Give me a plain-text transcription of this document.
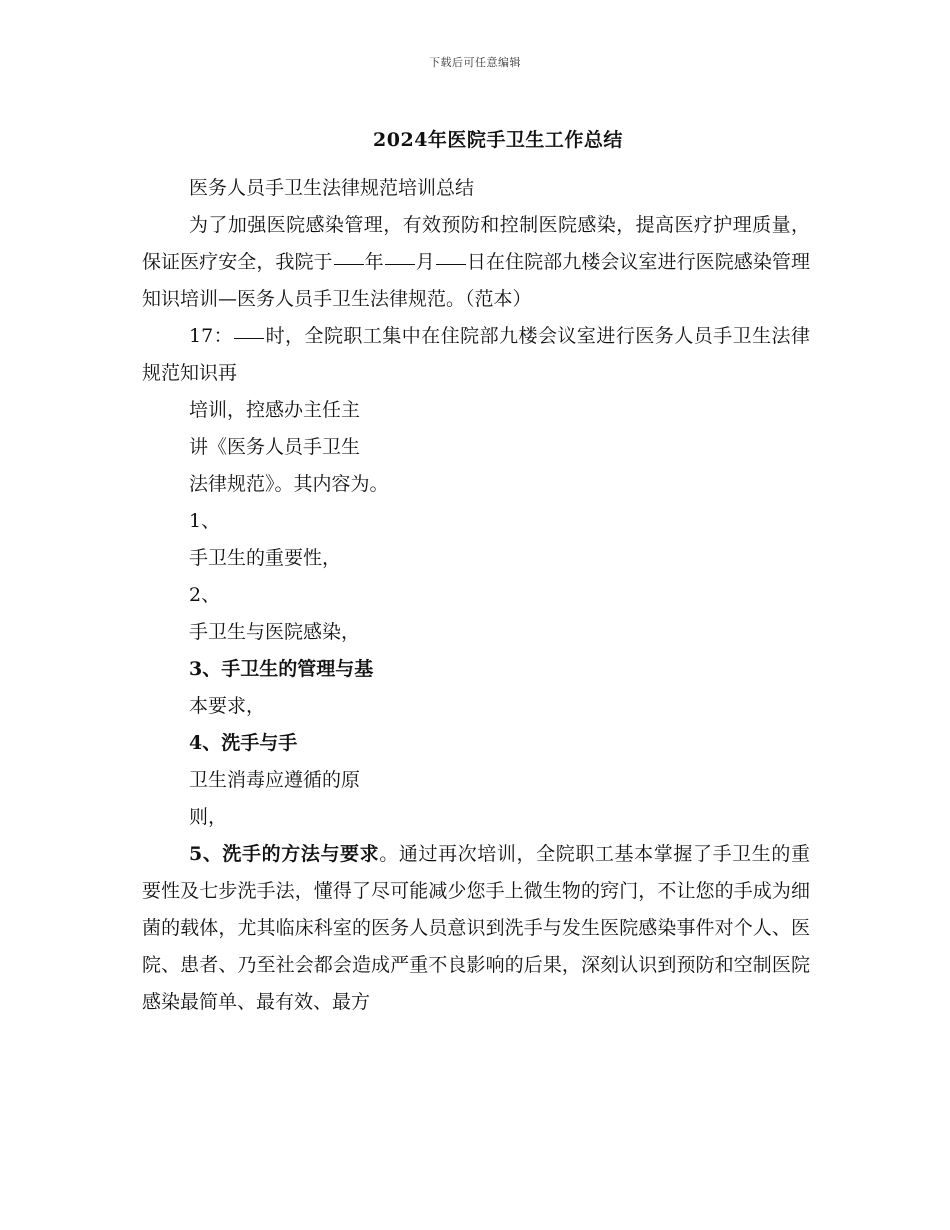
下载后可任意编辑
2024年医院手卫生工作总结

医务人员手卫生法律规范培训总结

为了加强医院感染管理，有效预防和控制医院感染，提高医疗护理质量，保证医疗安全，我院于 年 月 日在住院部九楼会议室进行医院感染管理知识培训—医务人员手卫生法律规范。（范本）

17： 时，全院职工集中在住院部九楼会议室进行医务人员手卫生法律规范知识再

培训，控感办主任主

讲《医务人员手卫生

法律规范》。其内容为。

1、

手卫生的重要性，

2、

手卫生与医院感染，

3、手卫生的管理与基

本要求，

4、洗手与手

卫生消毒应遵循的原

则，

5、洗手的方法与要求。通过再次培训，全院职工基本掌握了手卫生的重要性及七步洗手法，懂得了尽可能减少您手上微生物的窍门，不让您的手成为细菌的载体，尤其临床科室的医务人员意识到洗手与发生医院感染事件对个人、医院、患者、乃至社会都会造成严重不良影响的后果，深刻认识到预防和空制医院感染最简单、最有效、最方
